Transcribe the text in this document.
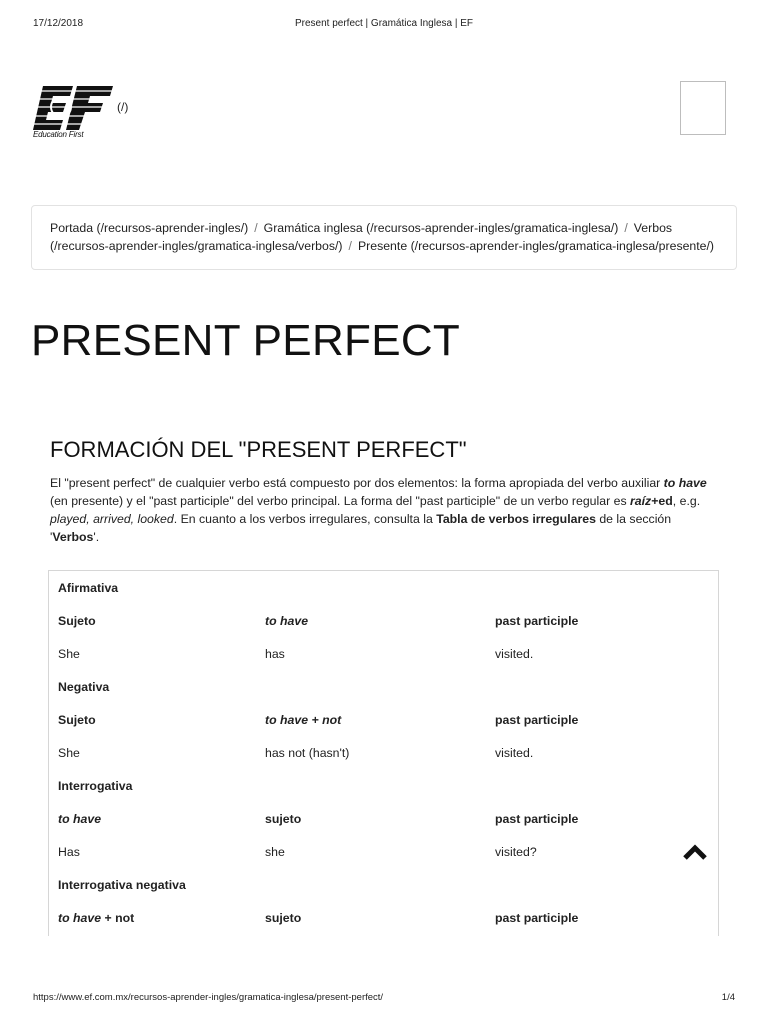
17/12/2018	Present perfect | Gramática Inglesa | EF
Education First
(/)
Portada (/recursos-aprender-ingles/) / Gramática inglesa (/recursos-aprender-ingles/gramatica-inglesa/) / Verbos (/recursos-aprender-ingles/gramatica-inglesa/verbos/) / Presente (/recursos-aprender-ingles/gramatica-inglesa/presente/)
PRESENT PERFECT
FORMACIÓN DEL "PRESENT PERFECT"

El "present perfect" de cualquier verbo está compuesto por dos elementos: la forma apropiada del verbo auxiliar to have (en presente) y el "past participle" del verbo principal. La forma del "past participle" de un verbo regular es raíz+ed, e.g. played, arrived, looked. En cuanto a los verbos irregulares, consulta la Tabla de verbos irregulares de la sección 'Verbos'.

Afirmativa		
Sujeto	to have	past participle
She	has	visited.
Negativa		
Sujeto	to have + not	past participle
She	has not (hasn't)	visited.
Interrogativa		
to have	sujeto	past participle
Has	she	visited?
Interrogativa negativa		
to have + not	sujeto	past participle
https://www.ef.com.mx/recursos-aprender-ingles/gramatica-inglesa/present-perfect/	1/4
